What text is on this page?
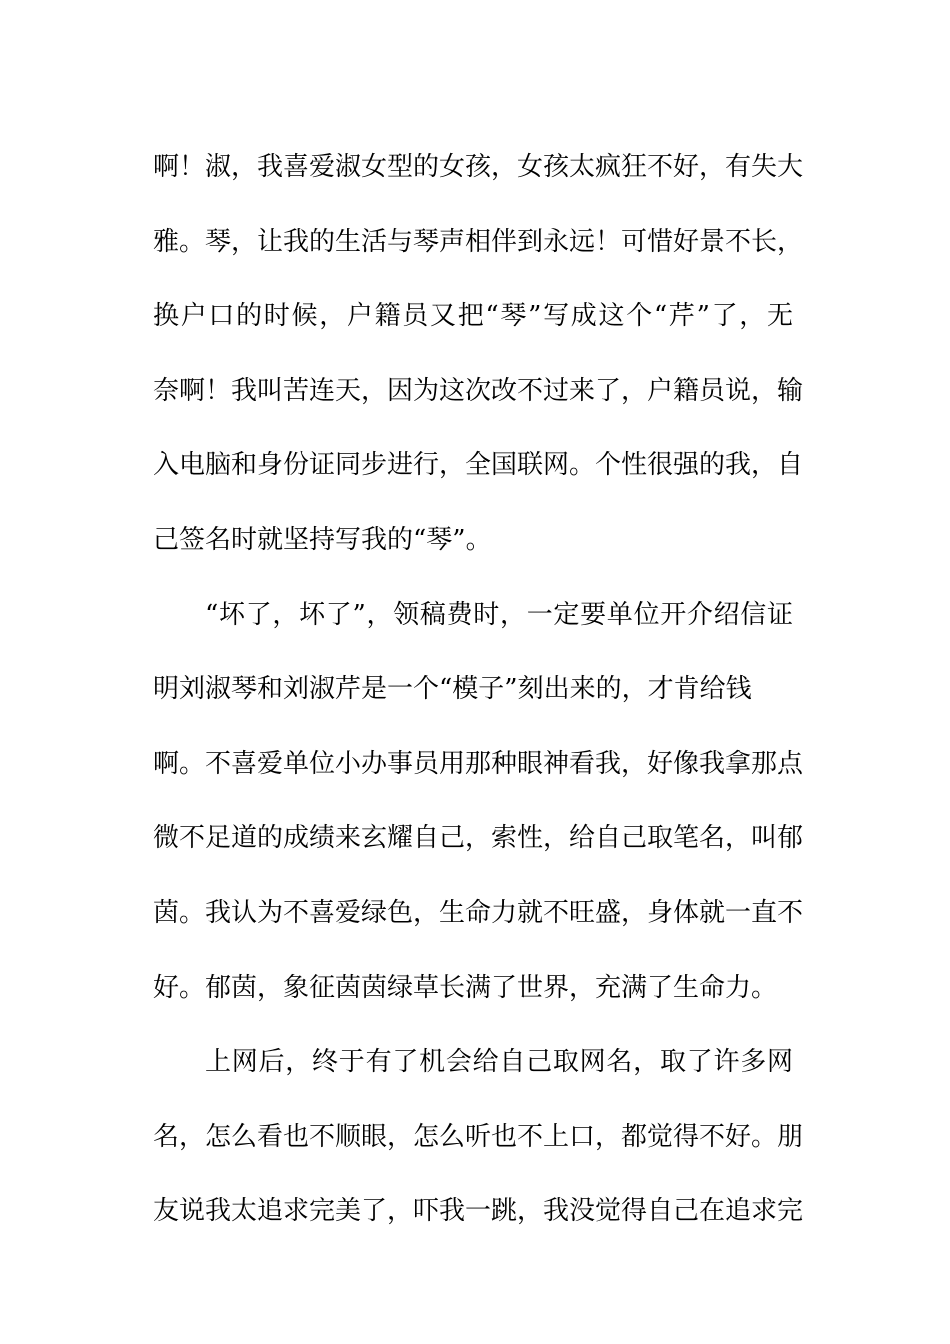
啊！淑，我喜爱淑女型的女孩，女孩太疯狂不好，有失大
雅。琴，让我的生活与琴声相伴到永远！可惜好景不长，
换户口的时候，户籍员又把“琴”写成这个“芹”了，无
奈啊！我叫苦连天，因为这次改不过来了，户籍员说，输
入电脑和身份证同步进行，全国联网。个性很强的我，自
己签名时就坚持写我的“琴”。
“坏了，坏了”，领稿费时，一定要单位开介绍信证
明刘淑琴和刘淑芹是一个“模子”刻出来的，才肯给钱
啊。不喜爱单位小办事员用那种眼神看我，好像我拿那点
微不足道的成绩来玄耀自己，索性，给自己取笔名，叫郁
茵。我认为不喜爱绿色，生命力就不旺盛，身体就一直不
好。郁茵，象征茵茵绿草长满了世界，充满了生命力。
上网后，终于有了机会给自己取网名，取了许多网
名，怎么看也不顺眼，怎么听也不上口，都觉得不好。朋
友说我太追求完美了，吓我一跳，我没觉得自己在追求完
